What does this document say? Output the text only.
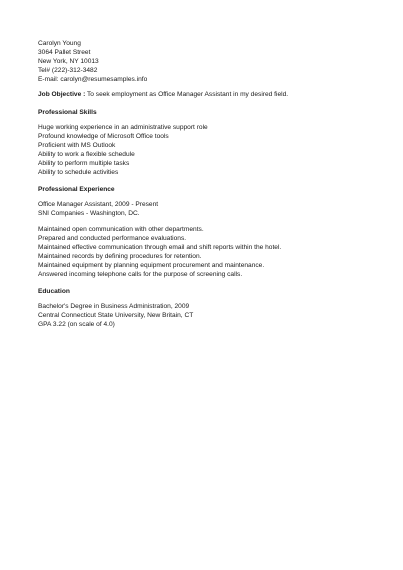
Carolyn Young
3064 Pallet Street
New York, NY 10013
Tel# (222)-312-3482
E-mail: carolyn@resumesamples.info
Job Objective : To seek employment as Office Manager Assistant in my desired field.
Professional Skills
Huge working experience in an administrative support role
Profound knowledge of Microsoft Office tools
Proficient with MS Outlook
Ability to work a flexible schedule
Ability to perform multiple tasks
Ability to schedule activities
Professional Experience
Office Manager Assistant, 2009 - Present
SNI Companies - Washington, DC.
Maintained open communication with other departments.
Prepared and conducted performance evaluations.
Maintained effective communication through email and shift reports within the hotel.
Maintained records by defining procedures for retention.
Maintained equipment by planning equipment procurement and maintenance.
Answered incoming telephone calls for the purpose of screening calls.
Education
Bachelor's Degree in Business Administration, 2009
Central Connecticut State University, New Britain, CT
GPA 3.22 (on scale of 4.0)
